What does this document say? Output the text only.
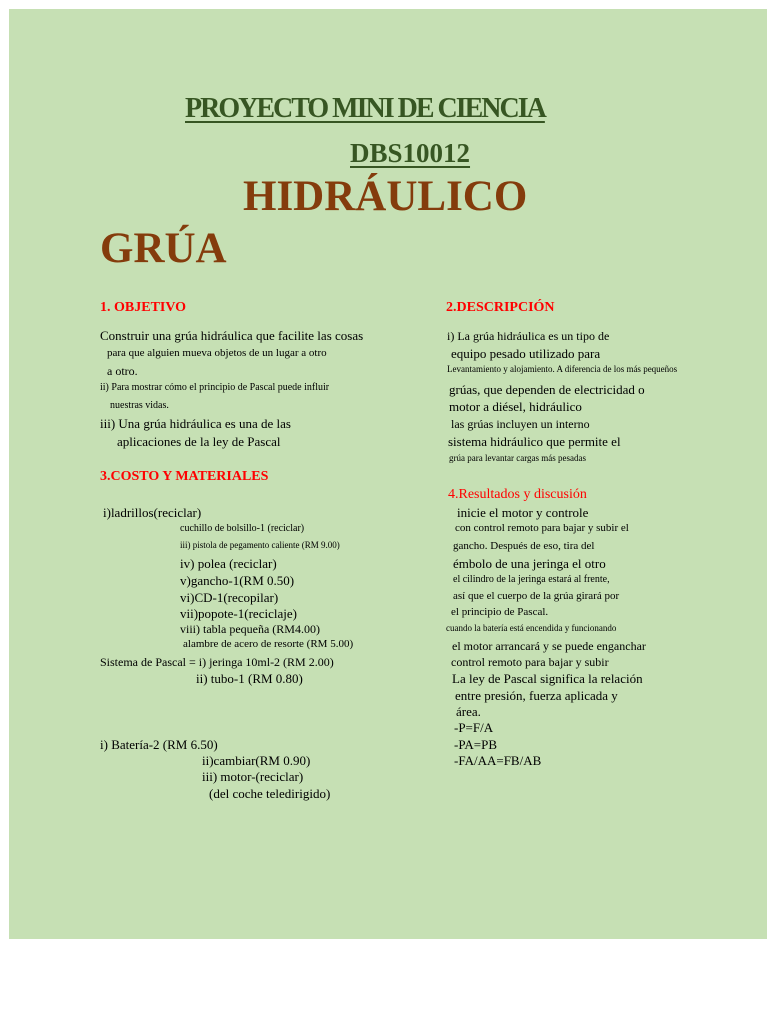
PROYECTO MINI DE CIENCIA
DBS10012
HIDRÁULICO
GRÚA
1. OBJETIVO
Construir una grúa hidráulica que facilite las cosas
para que alguien mueva objetos de un lugar a otro
a otro.
ii) Para mostrar cómo el principio de Pascal puede influir
nuestras vidas.
iii) Una grúa hidráulica es una de las
aplicaciones de la ley de Pascal
3.COSTO Y MATERIALES
i)ladrillos(reciclar)
cuchillo de bolsillo-1 (reciclar)
iii) pistola de pegamento caliente (RM 9.00)
iv) polea (reciclar)
v)gancho-1(RM 0.50)
vi)CD-1(recopilar)
vii)popote-1(reciclaje)
viii) tabla pequeña (RM4.00)
alambre de acero de resorte (RM 5.00)
Sistema de Pascal = i) jeringa 10ml-2 (RM 2.00)
ii) tubo-1 (RM 0.80)
i) Batería-2 (RM 6.50)
ii)cambiar(RM 0.90)
iii) motor-(reciclar)
(del coche teledirigido)
2.DESCRIPCIÓN
i) La grúa hidráulica es un tipo de
equipo pesado utilizado para
Levantamiento y alojamiento. A diferencia de los más pequeños
grúas, que dependen de electricidad o
motor a diésel, hidráulico
las grúas incluyen un interno
sistema hidráulico que permite el
grúa para levantar cargas más pesadas
4.Resultados y discusión
inicie el motor y controle
con control remoto para bajar y subir el
gancho. Después de eso, tira del
émbolo de una jeringa el otro
el cilindro de la jeringa estará al frente,
así que el cuerpo de la grúa girará por
el principio de Pascal.
cuando la batería está encendida y funcionando
el motor arrancará y se puede enganchar
control remoto para bajar y subir
La ley de Pascal significa la relación
entre presión, fuerza aplicada y
área.
-P=F/A
-PA=PB
-FA/AA=FB/AB
